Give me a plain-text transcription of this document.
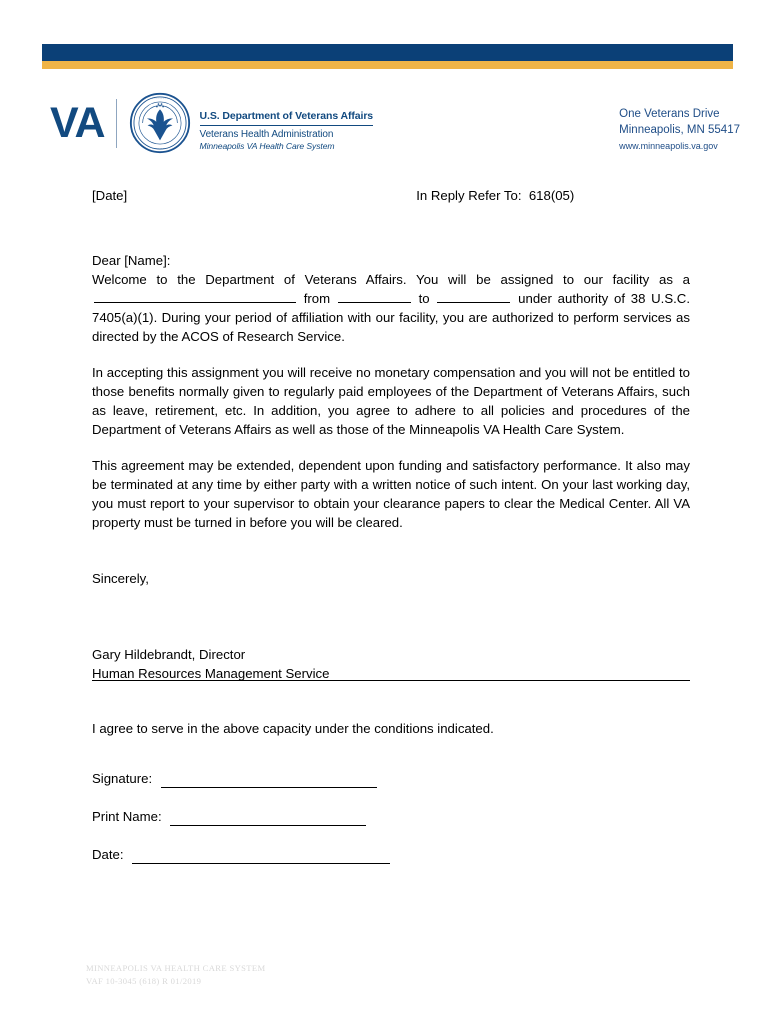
VA	· · · · · · · · ·
· · · · · · · · ·
U.S. Department of Veterans Affairs
Veterans Health Administration
Minneapolis VA Health Care System
One Veterans Drive
Minneapolis, MN 55417
www.minneapolis.va.gov
[Date]	In Reply Refer To:  618(05)
Dear [Name]:

Welcome to the Department of Veterans Affairs. You will be assigned to our facility as a  from	to	under authority of 38 U.S.C. 7405(a)(1). During your period of affiliation with our facility, you are authorized to perform services as directed by the ACOS of Research Service.

In accepting this assignment you will receive no monetary compensation and you will not be entitled to those benefits normally given to regularly paid employees of the Department of Veterans Affairs, such as leave, retirement, etc. In addition, you agree to adhere to all policies and procedures of the Department of Veterans Affairs as well as those of the Minneapolis VA Health Care System.

This agreement may be extended, dependent upon funding and satisfactory performance. It also may be terminated at any time by either party with a written notice of such intent. On your last working day, you must report to your supervisor to obtain your clearance papers to clear the Medical Center. All VA property must be turned in before you will be cleared.

Sincerely,
Gary Hildebrandt, Director
Human Resources Management Service
I agree to serve in the above capacity under the conditions indicated.
Signature:
Print Name:
Date:
MINNEAPOLIS VA HEALTH CARE SYSTEM
VAF 10-3045 (618) R 01/2019
